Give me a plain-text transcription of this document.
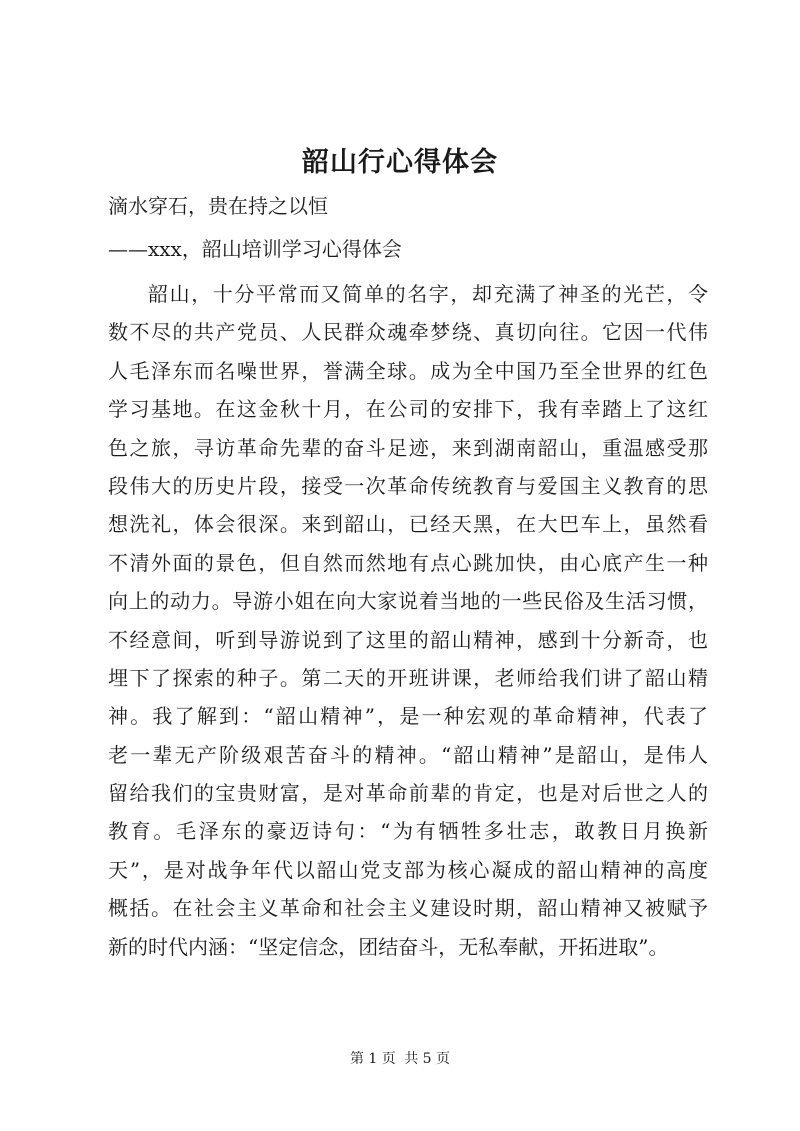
韶山行心得体会
滴水穿石，贵在持之以恒
——xxx，韶山培训学习心得体会
韶山，十分平常而又简单的名字，却充满了神圣的光芒，令
数不尽的共产党员、人民群众魂牵梦绕、真切向往。它因一代伟
人毛泽东而名噪世界，誉满全球。成为全中国乃至全世界的红色
学习基地。在这金秋十月，在公司的安排下，我有幸踏上了这红
色之旅，寻访革命先辈的奋斗足迹，来到湖南韶山，重温感受那
段伟大的历史片段，接受一次革命传统教育与爱国主义教育的思
想洗礼，体会很深。来到韶山，已经天黑，在大巴车上，虽然看
不清外面的景色，但自然而然地有点心跳加快，由心底产生一种
向上的动力。导游小姐在向大家说着当地的一些民俗及生活习惯，
不经意间，听到导游说到了这里的韶山精神，感到十分新奇，也
埋下了探索的种子。第二天的开班讲课，老师给我们讲了韶山精
神。我了解到：“韶山精神”，是一种宏观的革命精神，代表了
老一辈无产阶级艰苦奋斗的精神。“韶山精神”是韶山，是伟人
留给我们的宝贵财富，是对革命前辈的肯定，也是对后世之人的
教育。毛泽东的豪迈诗句：“为有牺牲多壮志，敢教日月换新
天”，是对战争年代以韶山党支部为核心凝成的韶山精神的高度
概括。在社会主义革命和社会主义建设时期，韶山精神又被赋予
新的时代内涵：“坚定信念，团结奋斗，无私奉献，开拓进取”。
第 1 页 共 5 页
